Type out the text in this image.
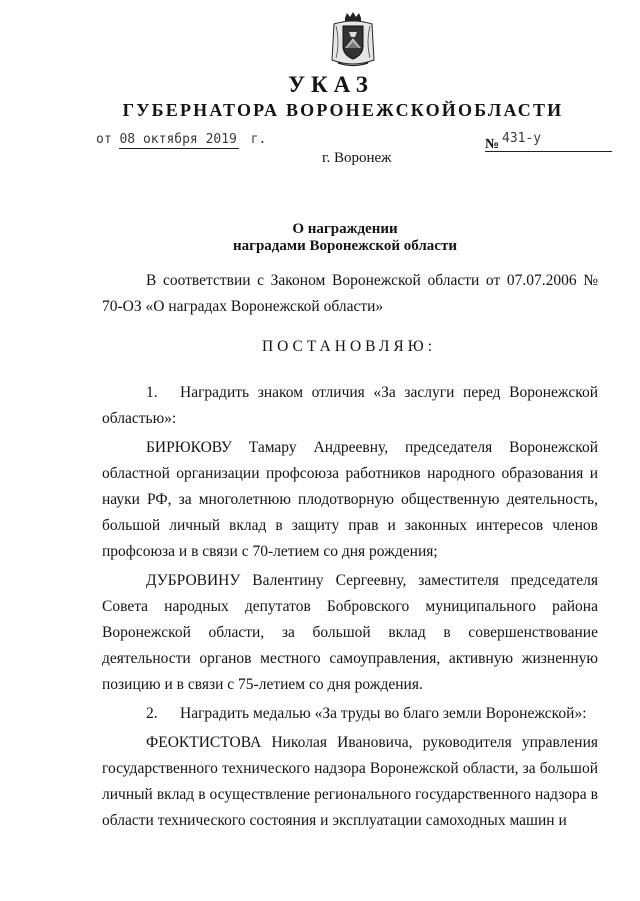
УКАЗ
ГУБЕРНАТОРА ВОРОНЕЖСКОЙОБЛАСТИ
от 08 октября 2019 г.	№ 431-у
г. Воронеж
О награждении
наградами Воронежской области

В соответствии с Законом Воронежской области от 07.07.2006 № 70-ОЗ «О наградах Воронежской области»

ПОСТАНОВЛЯЮ:

1. Наградить знаком отличия «За заслуги перед Воронежской областью»:

БИРЮКОВУ Тамару Андреевну, председателя Воронежской областной организации профсоюза работников народного образования и науки РФ, за многолетнюю плодотворную общественную деятельность, большой личный вклад в защиту прав и законных интересов членов профсоюза и в связи с 70-летием со дня рождения;

ДУБРОВИНУ Валентину Сергеевну, заместителя председателя Совета народных депутатов Бобровского муниципального района Воронежской области, за большой вклад в совершенствование деятельности органов местного самоуправления, активную жизненную позицию и в связи с 75-летием со дня рождения.

2. Наградить медалью «За труды во благо земли Воронежской»:

ФЕОКТИСТОВА Николая Ивановича, руководителя управления государственного технического надзора Воронежской области, за большой личный вклад в осуществление регионального государственного надзора в области технического состояния и эксплуатации самоходных машин и
